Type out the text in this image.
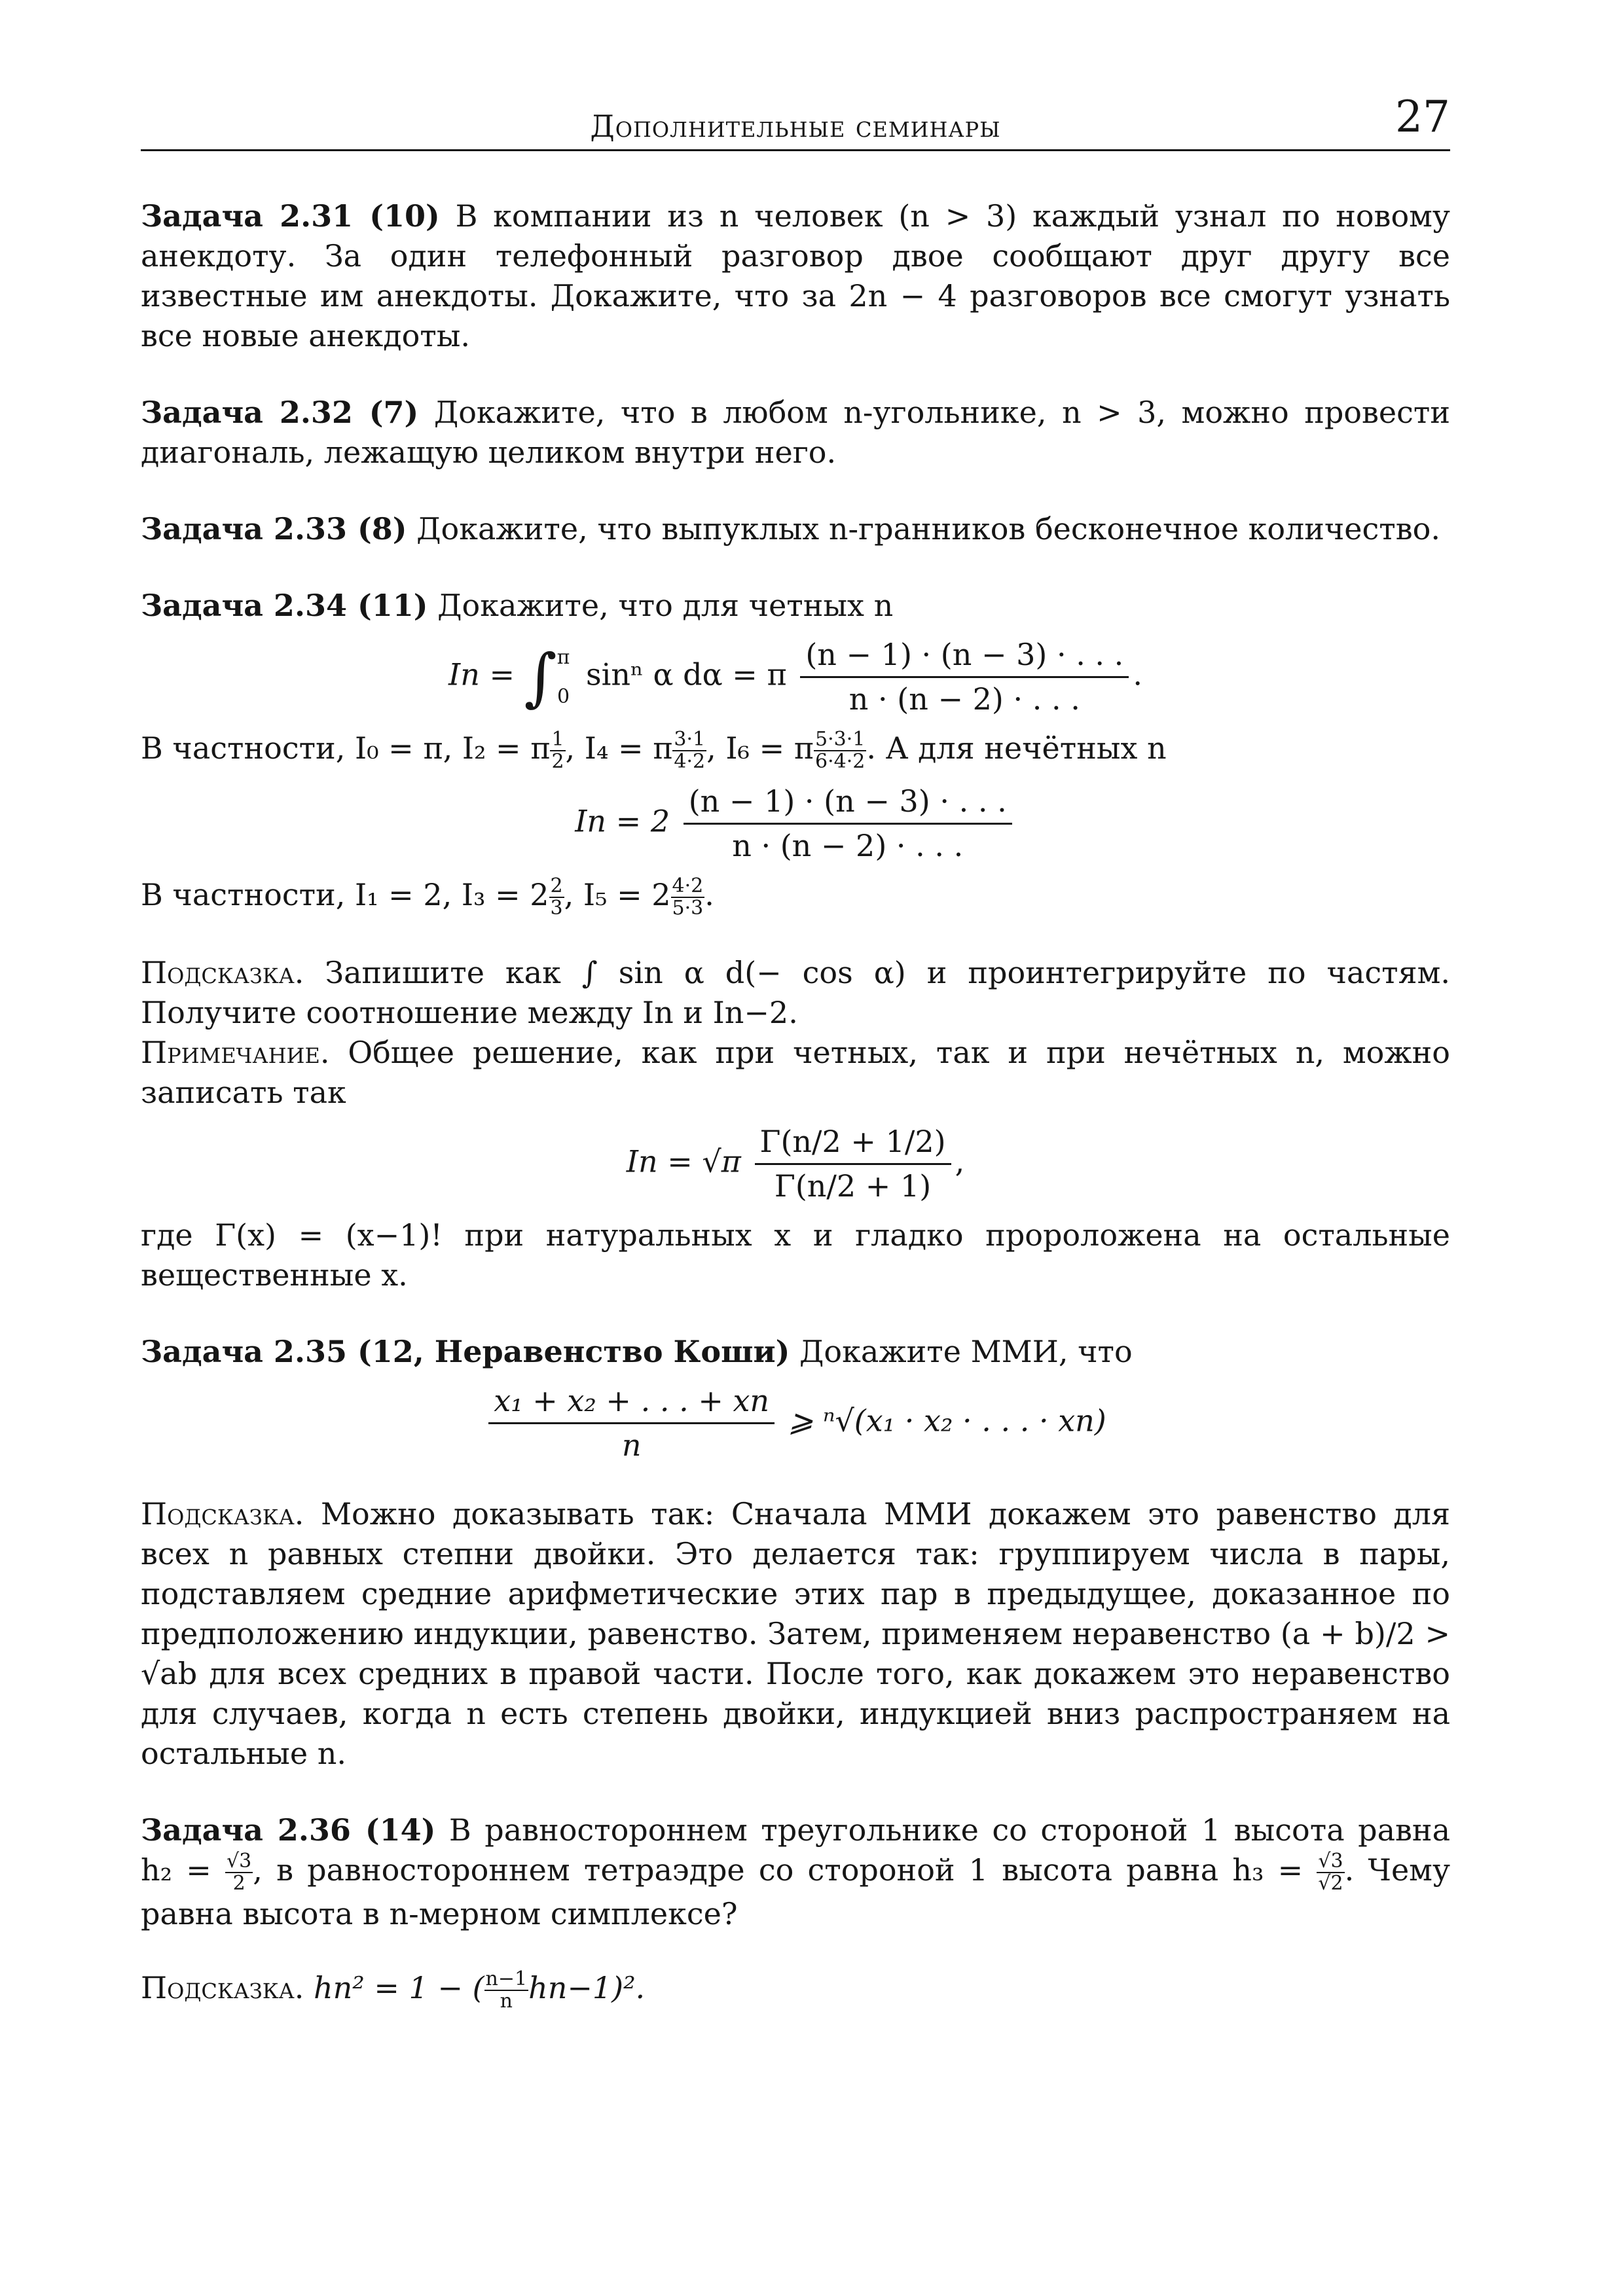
Дополнительные семинары	27

Задача 2.31 (10) В компании из n человек (n > 3) каждый узнал по новому анекдоту. За один телефонный разговор двое сообщают друг другу все известные им анекдоты. Докажите, что за 2n − 4 разговоров все смогут узнать все новые анекдоты.

Задача 2.32 (7) Докажите, что в любом n-угольнике, n > 3, можно провести диагональ, лежащую целиком внутри него.

Задача 2.33 (8) Докажите, что выпуклых n-гранников бесконечное количество.

Задача 2.34 (11) Докажите, что для четных n

In = ∫ π
0
sinⁿ α dα = π $\frac{(n - 1) \cdot (n - 3) \cdot . . .}{n \cdot (n - 2) \cdot . . .}$ .

В частности, I₀ = π, I₂ = π $\frac{1}{2}$ , I₄ = π $\frac{3\cdot 1}{4\cdot 2}$ , I₆ = π $\frac{5\cdot 3\cdot 1}{6\cdot 4\cdot 2}$ . А для нечётных n

$In = 2 \frac{(n - 1) \cdot (n - 3) \cdot . . .}{n \cdot (n - 2) \cdot . . .}$

В частности, I₁ = 2, $I_3 = 2 \frac{2}{3}$ , $I_5 = 2 \frac{4\cdot 2}{5\cdot 3}$ .

Подсказка. Запишите как ∫ sin α d(− cos α) и проинтегрируйте по частям. Получите соотношение между In и In−2.

Примечание. Общее решение, как при четных, так и при нечётных n, можно записать так

$In = √\pi \frac{\Gamma(n/2 + 1/2)}{\Gamma(n/2 + 1)}$ ,

где Γ(x) = (x−1)! при натуральных x и гладко пророложена на остальные вещественные x.

Задача 2.35 (12, Неравенство Коши) Докажите ММИ, что

$\frac{\text{x₁ + x₂ + . . . + xn}}{n}$ ⩾ ⁿ√(x₁ · x₂ · . . . · xn)

Подсказка. Можно доказывать так: Сначала ММИ докажем это равенство для всех n равных степни двойки. Это делается так: группируем числа в пары, подставляем средние арифметические этих пар в предыдущее, доказанное по предположению индукции, равенство. Затем, применяем неравенство (a + b)/2 > √ab для всех средних в правой части. После того, как докажем это неравенство для случаев, когда n есть степень двойки, индукцией вниз распространяем на остальные n.

Задача 2.36 (14) В равностороннем треугольнике со стороной 1 высота равна $h_2 = \frac{√3}{2}$ , в равностороннем тетраэдре со стороной 1 высота равна $h_3 = \frac{√3}{√2}$ . Чему равна высота в n-мерном симплексе?

Подсказка. hn² = 1 − ( $\frac{n-1}{n} hn-1)^2$.
